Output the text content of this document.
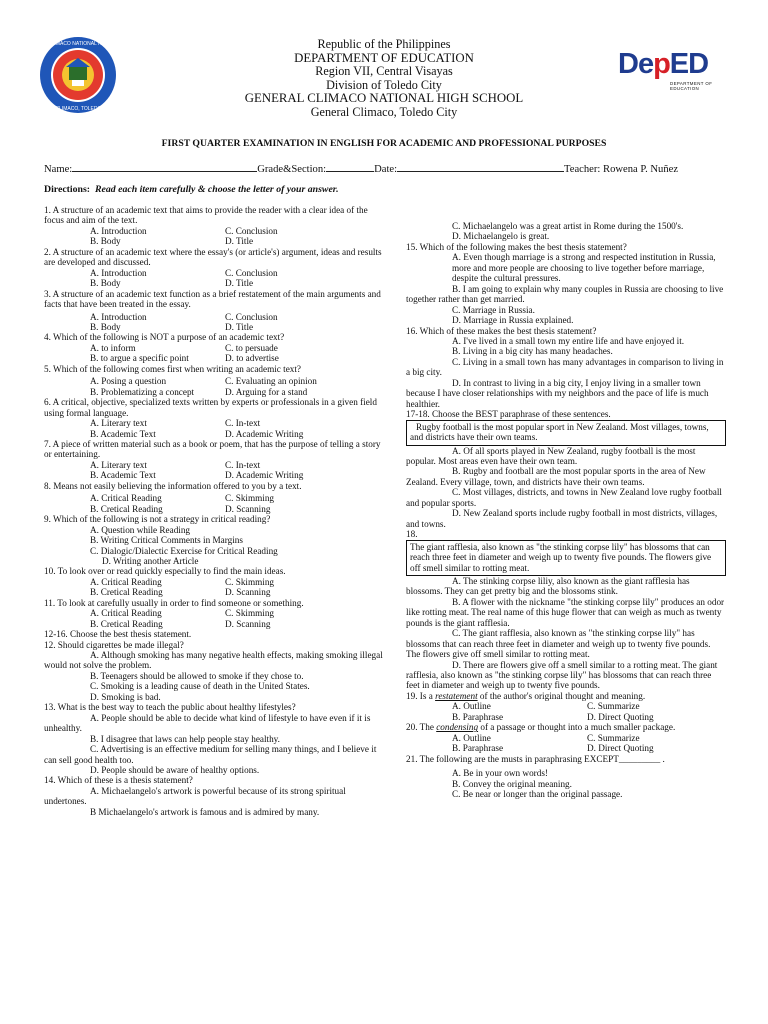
GENERAL CLIMACO NATIONAL HIGH SCHOOL
GEN. CLIMACO, TOLEDO CITY
Republic of the Philippines
DEPARTMENT OF EDUCATION
Region VII, Central Visayas
Division of Toledo City
GENERAL CLIMACO NATIONAL HIGH SCHOOL
General Climaco, Toledo City
DepED
DEPARTMENT OF EDUCATION
FIRST QUARTER EXAMINATION IN ENGLISH FOR ACADEMIC AND PROFESSIONAL PURPOSES
Name:	Grade&Section:	Date:	Teacher: Rowena P. Nuñez
Directions: Read each item carefully & choose the letter of your answer.
1. A structure of an academic text that aims to provide the reader with a clear idea of the focus and aim of the text.
A. Introduction	C. Conclusion
B. Body	D. Title
2. A structure of an academic text where the essay's (or article's) argument, ideas and results are developed and discussed.
A. Introduction	C. Conclusion
B. Body	D. Title
3. A structure of an academic text function as a brief restatement of the main arguments and facts that have been treated in the essay.
A. Introduction	C. Conclusion
B. Body	D. Title
4. Which of the following is NOT a purpose of an academic text?
A. to inform	C. to persuade
B. to argue a specific point	D. to advertise
5. Which of the following comes first when writing an academic text?
A. Posing a question	C. Evaluating an opinion
B. Problematizing a concept	D. Arguing for a stand
6. A critical, objective, specialized texts written by experts or professionals in a given field using formal language.
A. Literary text	C. In-text
B. Academic Text	D. Academic Writing
7. A piece of written material such as a book or poem, that has the purpose of telling a story or entertaining.
A. Literary text	C. In-text
B. Academic Text	D. Academic Writing
8. Means not easily believing the information offered to you by a text.
A. Critical Reading	C. Skimming
B. Cretical Reading	D. Scanning
9. Which of the following is not a strategy in critical reading?
A. Question while Reading
B. Writing Critical Comments in Margins
C. Dialogic/Dialectic Exercise for Critical Reading
D. Writing another Article
10. To look over or read quickly especially to find the main ideas.
A. Critical Reading	C. Skimming
B. Cretical Reading	D. Scanning
11. To look at carefully usually in order to find someone or something.
A. Critical Reading	C. Skimming
B. Cretical Reading	D. Scanning
12-16. Choose the best thesis statement.
12. Should cigarettes be made illegal?
A. Although smoking has many negative health effects, making smoking illegal would not solve the problem.
B. Teenagers should be allowed to smoke if they chose to.
C. Smoking is a leading cause of death in the United States.
D. Smoking is bad.
13. What is the best way to teach the public about healthy lifestyles?
A. People should be able to decide what kind of lifestyle to have even if it is unhealthy.
B. I disagree that laws can help people stay healthy.
C. Advertising is an effective medium for selling many things, and I believe it can sell good health too.
D. People should be aware of healthy options.
14. Which of these is a thesis statement?
A. Michaelangelo's artwork is powerful because of its strong spiritual undertones.
B Michaelangelo's artwork is famous and is admired by many.
C. Michaelangelo was a great artist in Rome during the 1500's.
D. Michaelangelo is great.
15. Which of the following makes the best thesis statement?
A. Even though marriage is a strong and respected institution in Russia, more and more people are choosing to live together before marriage, despite the cultural pressures.
B. I am going to explain why many couples in Russia are choosing to live together rather than get married.
C. Marriage in Russia.
D. Marriage in Russia explained.
16. Which of these makes the best thesis statement?
A. I've lived in a small town my entire life and have enjoyed it.
B. Living in a big city has many headaches.
C. Living in a small town has many advantages in comparison to living in a big city.
D. In contrast to living in a big city, I enjoy living in a smaller town because I have closer relationships with my neighbors and the pace of life is much healthier.
17-18. Choose the BEST paraphrase of these sentences.
Rugby football is the most popular sport in New Zealand. Most villages, towns, and districts have their own teams.
A. Of all sports played in New Zealand, rugby football is the most popular. Most areas even have their own team.
B. Rugby and football are the most popular sports in the area of New Zealand. Every village, town, and districts have their own teams.
C. Most villages, districts, and towns in New Zealand love rugby football and popular sports.
D. New Zealand sports include rugby football in most districts, villages, and towns.
18.
The giant rafflesia, also known as "the stinking corpse lily" has blossoms that can reach three feet in diameter and weigh up to twenty five pounds. The flowers give off smell similar to rotting meat.
A. The stinking corpse liliy, also known as the giant rafflesia has blossoms. They can get pretty big and the blossoms stink.
B. A flower with the nickname "the stinking corpse lily" produces an odor like rotting meat. The real name of this huge flower that can weigh as much as twenty pounds is the giant rafflesia.
C. The giant rafflesia, also known as "the stinking corpse lily" has blossoms that can reach three feet in diameter and weigh up to twenty five pounds. The flowers give off smell similar to rotting meat.
D. There are flowers give off a smell similar to a rotting meat. The giant rafflesia, also known as "the stinking corpse lily" has blossoms that can reach three feet in diameter and weigh up to twenty five pounds.
19. Is a restatement of the author's original thought and meaning.
A. Outline	C. Summarize
B. Paraphrase	D. Direct Quoting
20. The condensing of a passage or thought into a much smaller package.
A. Outline	C. Summarize
B. Paraphrase	D. Direct Quoting
21. The following are the musts in paraphrasing EXCEPT_________ .
A. Be in your own words!
B. Convey the original meaning.
C. Be near or longer than the original passage.
